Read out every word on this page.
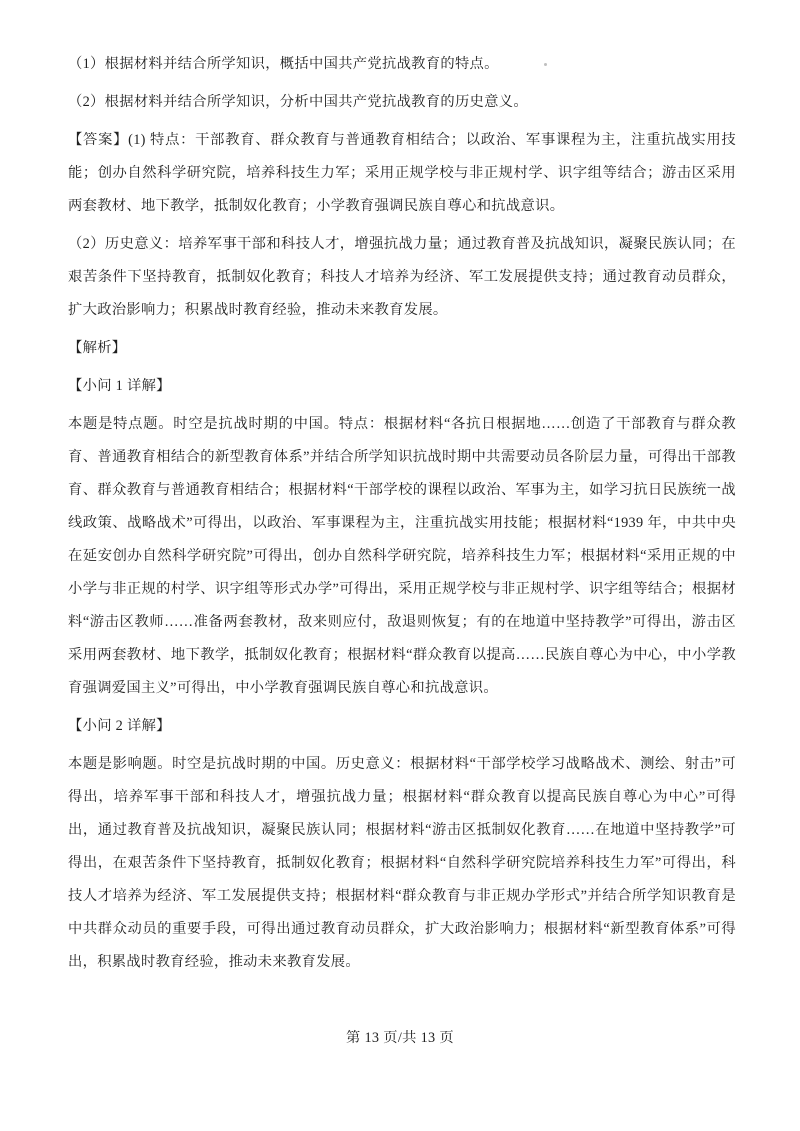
（1）根据材料并结合所学知识，概括中国共产党抗战教育的特点。

（2）根据材料并结合所学知识，分析中国共产党抗战教育的历史意义。

【答案】(1) 特点：干部教育、群众教育与普通教育相结合；以政治、军事课程为主，注重抗战实用技能；创办自然科学研究院，培养科技生力军；采用正规学校与非正规村学、识字组等结合；游击区采用两套教材、地下教学，抵制奴化教育；小学教育强调民族自尊心和抗战意识。

（2）历史意义：培养军事干部和科技人才，增强抗战力量；通过教育普及抗战知识，凝聚民族认同；在艰苦条件下坚持教育，抵制奴化教育；科技人才培养为经济、军工发展提供支持；通过教育动员群众，扩大政治影响力；积累战时教育经验，推动未来教育发展。

【解析】

【小问 1 详解】

本题是特点题。时空是抗战时期的中国。特点：根据材料“各抗日根据地……创造了干部教育与群众教育、普通教育相结合的新型教育体系”并结合所学知识抗战时期中共需要动员各阶层力量，可得出干部教育、群众教育与普通教育相结合；根据材料“干部学校的课程以政治、军事为主，如学习抗日民族统一战线政策、战略战术”可得出，以政治、军事课程为主，注重抗战实用技能；根据材料“1939 年，中共中央在延安创办自然科学研究院”可得出，创办自然科学研究院，培养科技生力军；根据材料“采用正规的中小学与非正规的村学、识字组等形式办学”可得出，采用正规学校与非正规村学、识字组等结合；根据材料“游击区教师……准备两套教材，敌来则应付，敌退则恢复；有的在地道中坚持教学”可得出，游击区采用两套教材、地下教学，抵制奴化教育；根据材料“群众教育以提高……民族自尊心为中心，中小学教育强调爱国主义”可得出，中小学教育强调民族自尊心和抗战意识。

【小问 2 详解】

本题是影响题。时空是抗战时期的中国。历史意义：根据材料“干部学校学习战略战术、测绘、射击”可得出，培养军事干部和科技人才，增强抗战力量；根据材料“群众教育以提高民族自尊心为中心”可得出，通过教育普及抗战知识，凝聚民族认同；根据材料“游击区抵制奴化教育……在地道中坚持教学”可得出，在艰苦条件下坚持教育，抵制奴化教育；根据材料“自然科学研究院培养科技生力军”可得出，科技人才培养为经济、军工发展提供支持；根据材料“群众教育与非正规办学形式”并结合所学知识教育是中共群众动员的重要手段，可得出通过教育动员群众，扩大政治影响力；根据材料“新型教育体系”可得出，积累战时教育经验，推动未来教育发展。

第 13 页/共 13 页
